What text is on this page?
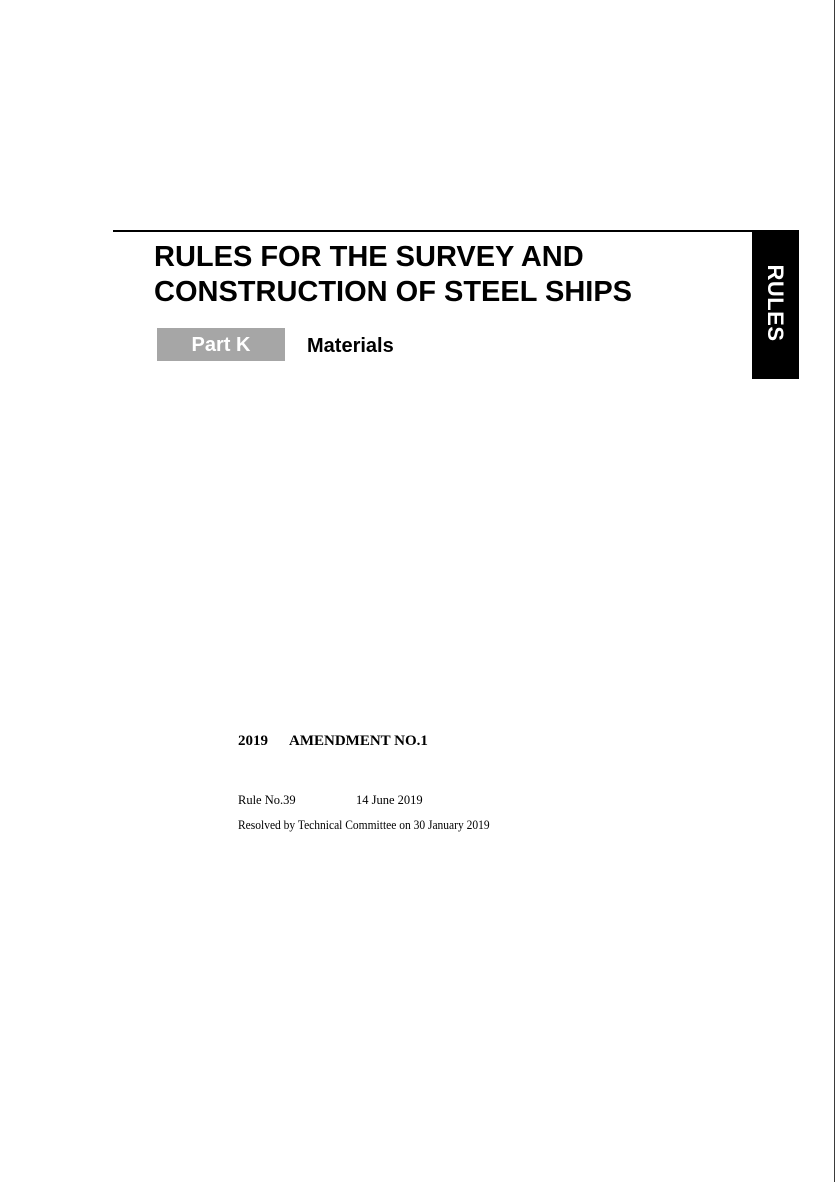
RULES
RULES FOR THE SURVEY AND
CONSTRUCTION OF STEEL SHIPS
Part K	Materials
2019 AMENDMENT NO.1
Rule No.39	14 June 2019
Resolved by Technical Committee on 30 January 2019
